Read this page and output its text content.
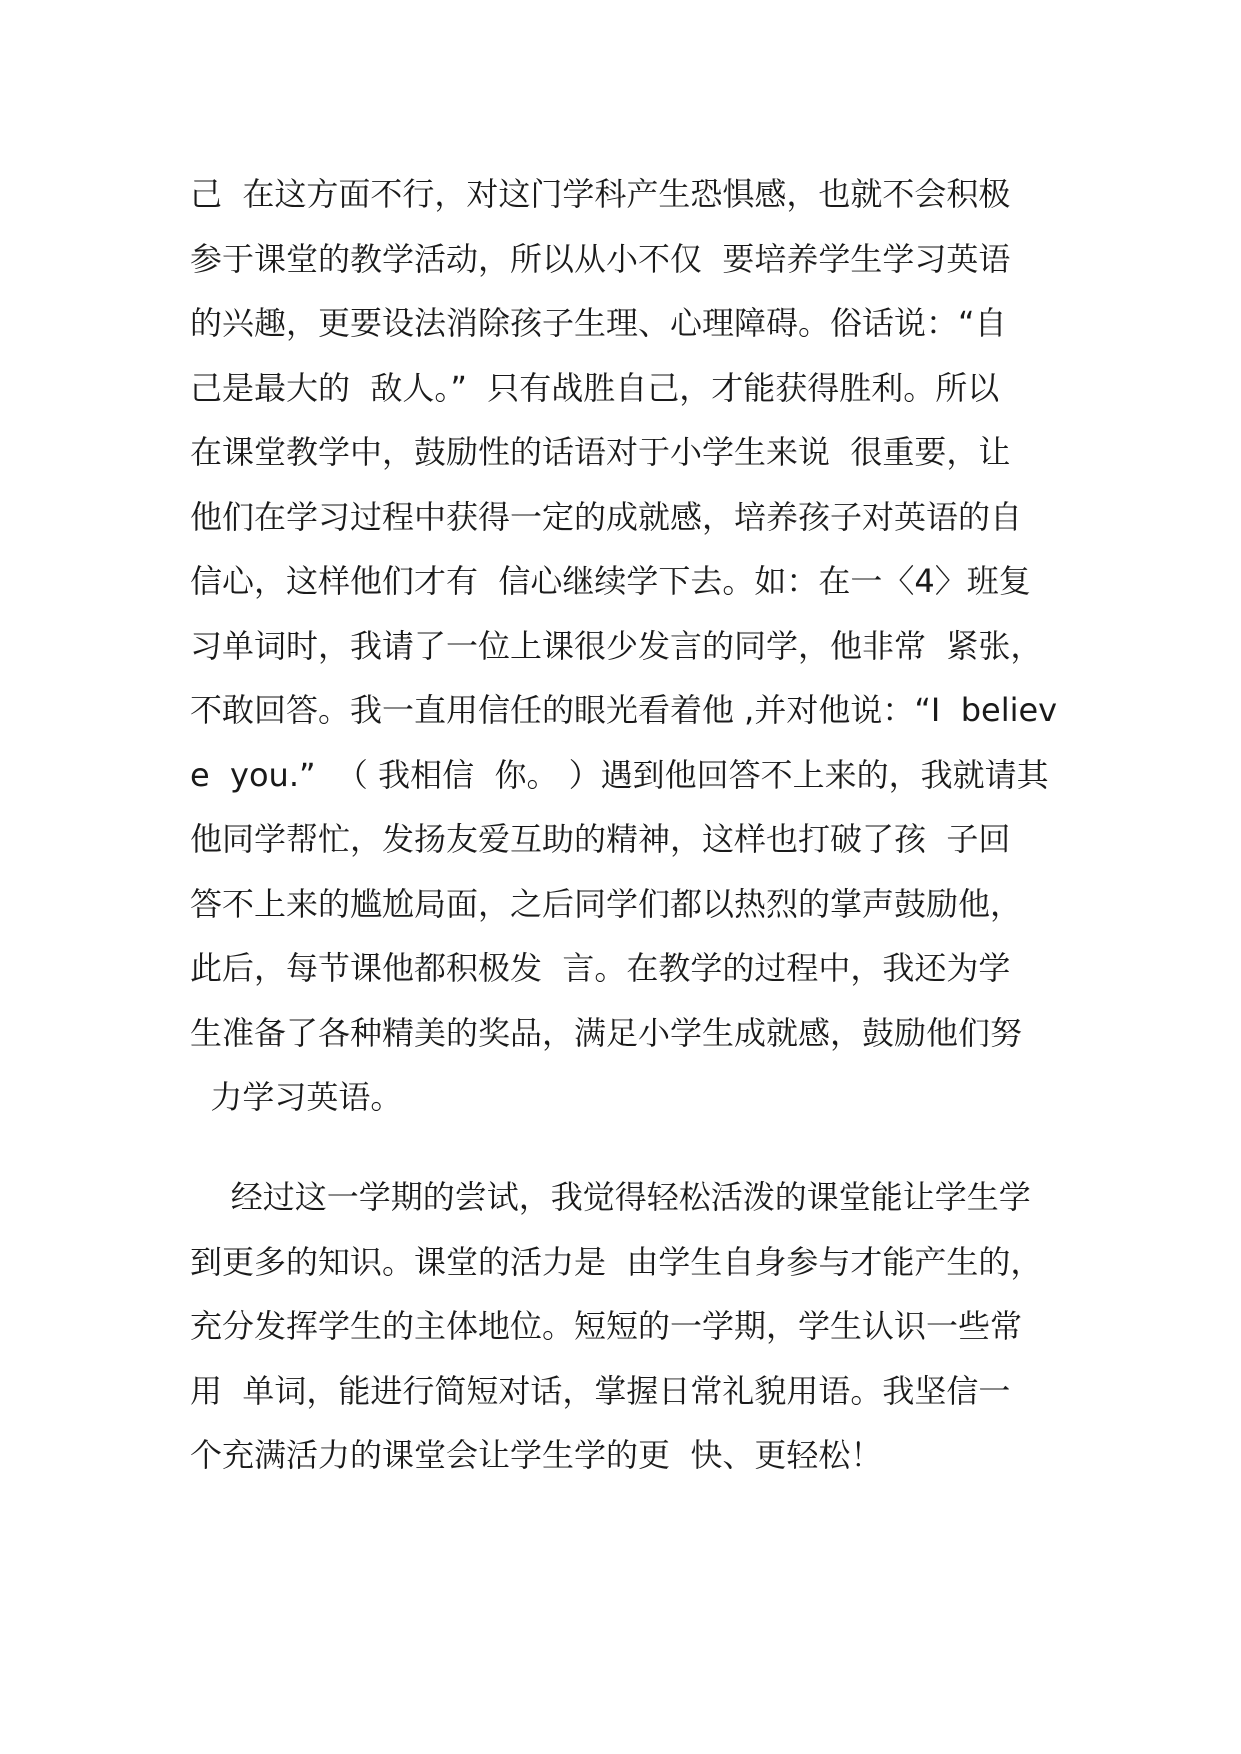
己  在这方面不行，对这门学科产生恐惧感，也就不会积极
参于课堂的教学活动，所以从小不仅  要培养学生学习英语
的兴趣，更要设法消除孩子生理、心理障碍。俗话说：“自
己是最大的  敌人。”  只有战胜自己，才能获得胜利。所以
在课堂教学中，鼓励性的话语对于小学生来说  很重要，让
他们在学习过程中获得一定的成就感，培养孩子对英语的自
信心，这样他们才有  信心继续学下去。如：在一〈4〉班复
习单词时，我请了一位上课很少发言的同学，他非常  紧张，
不敢回答。我一直用信任的眼光看着他 ,并对他说：“I  believ
e  you.”  （ 我相信  你。 ）遇到他回答不上来的，我就请其
他同学帮忙，发扬友爱互助的精神，这样也打破了孩  子回
答不上来的尴尬局面，之后同学们都以热烈的掌声鼓励他，
此后，每节课他都积极发  言。在教学的过程中，我还为学
生准备了各种精美的奖品，满足小学生成就感，鼓励他们努
力学习英语。
经过这一学期的尝试，我觉得轻松活泼的课堂能让学生学
到更多的知识。课堂的活力是  由学生自身参与才能产生的，
充分发挥学生的主体地位。短短的一学期，学生认识一些常
用  单词，能进行简短对话，掌握日常礼貌用语。我坚信一
个充满活力的课堂会让学生学的更  快、更轻松！
